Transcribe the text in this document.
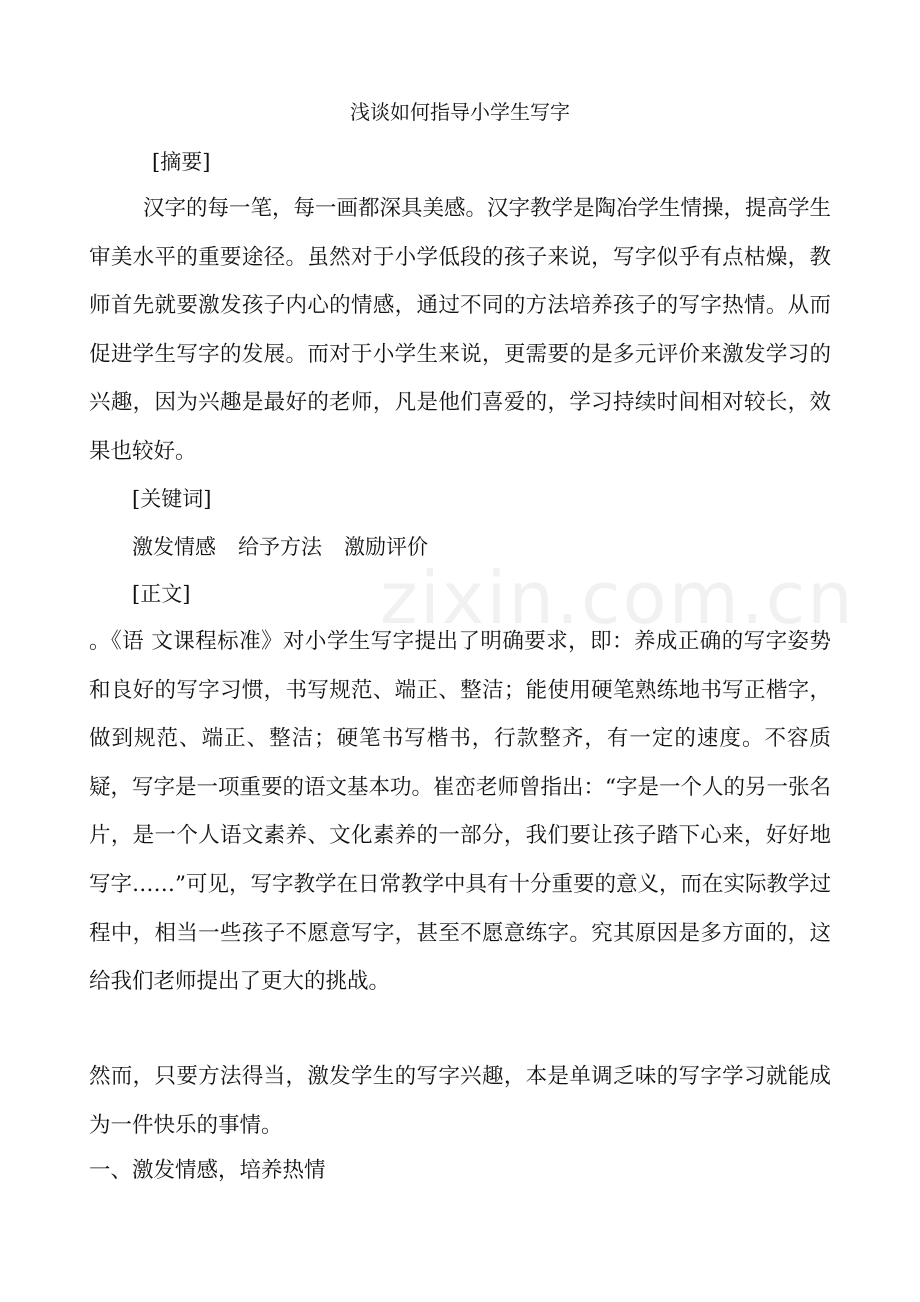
zixin.com.cn
浅谈如何指导小学生写字

[摘要]

汉字的每一笔，每一画都深具美感。汉字教学是陶冶学生情操，提高学生审美水平的重要途径。虽然对于小学低段的孩子来说，写字似乎有点枯燥，教师首先就要激发孩子内心的情感，通过不同的方法培养孩子的写字热情。从而促进学生写字的发展。而对于小学生来说，更需要的是多元评价来激发学习的兴趣，因为兴趣是最好的老师，凡是他们喜爱的，学习持续时间相对较长，效果也较好。

[关键词]

激发情感 给予方法 激励评价

[正文]

。《语 文课程标准》对小学生写字提出了明确要求，即：养成正确的写字姿势和良好的写字习惯，书写规范、端正、整洁；能使用硬笔熟练地书写正楷字，做到规范、端正、整洁；硬笔书写楷书，行款整齐，有一定的速度。不容质疑，写字是一项重要的语文基本功。崔峦老师曾指出：“字是一个人的另一张名片，是一个人语文素养、文化素养的一部分，我们要让孩子踏下心来，好好地写字……”可见，写字教学在日常教学中具有十分重要的意义，而在实际教学过程中，相当一些孩子不愿意写字，甚至不愿意练字。究其原因是多方面的，这给我们老师提出了更大的挑战。

然而，只要方法得当，激发学生的写字兴趣，本是单调乏味的写字学习就能成为一件快乐的事情。

一、激发情感，培养热情
